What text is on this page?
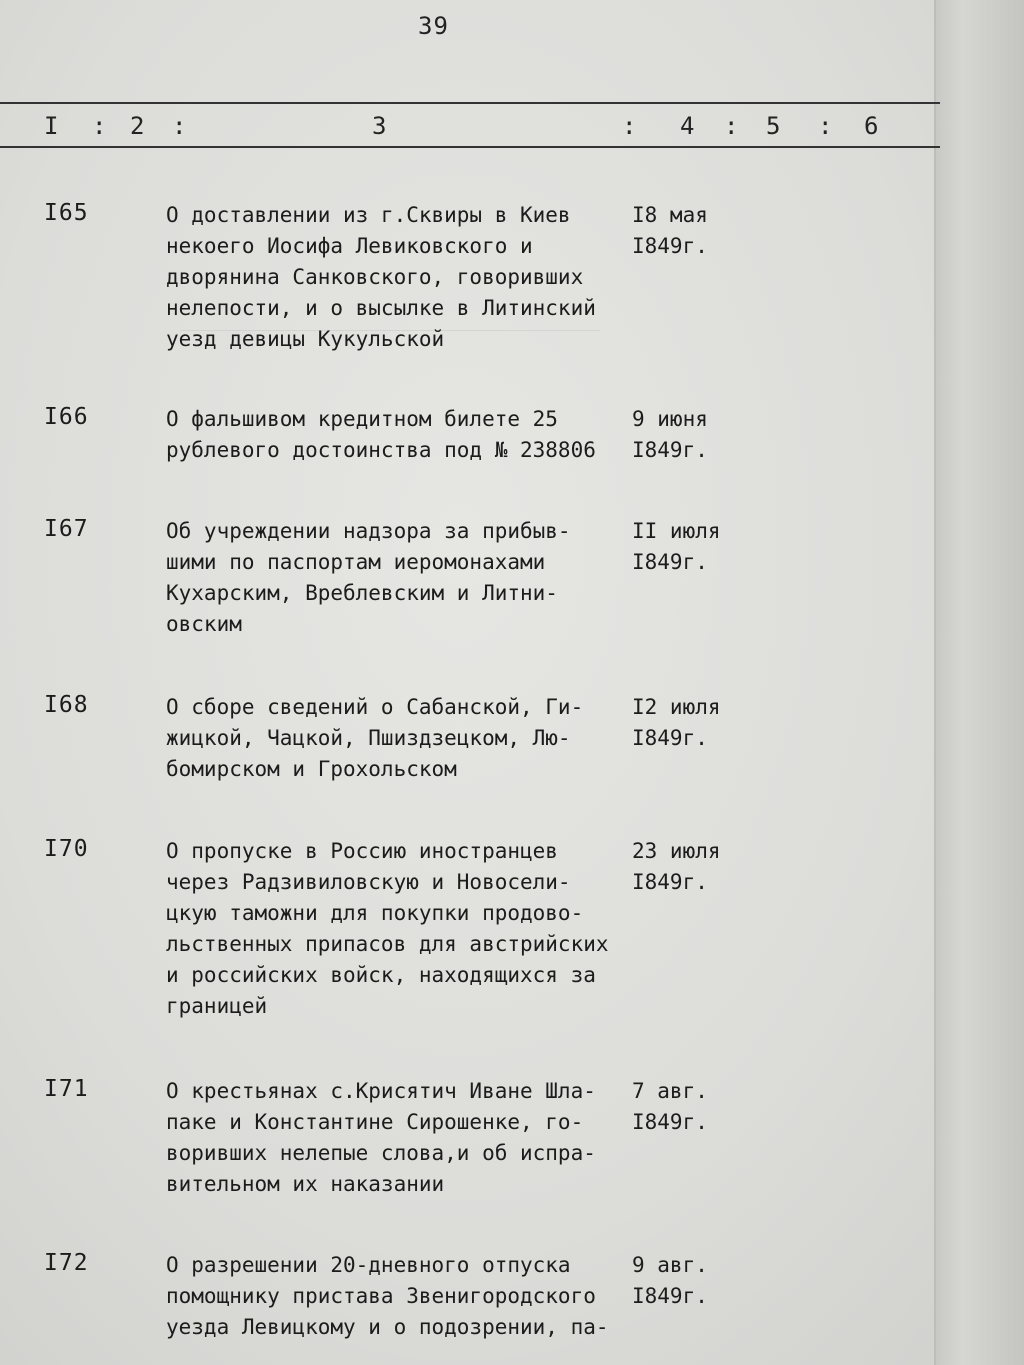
39
I : 2 :	3	: 4 : 5 : 6
I65	О доставлении из г.Сквиры в Киев
некоего Иосифа Левиковского и
дворянина Санковского, говоривших
нелепости, и о высылке в Литинский
уезд девицы Кукульской
I8 мая
I849г.
I66	О фальшивом кредитном билете 25
рублевого достоинства под № 238806
9 июня
I849г.
I67	Об учреждении надзора за прибыв-
шими по паспортам иеромонахами
Кухарским, Вреблевским и Литни-
овским
II июля
I849г.
I68	О сборе сведений о Сабанской, Ги-
жицкой, Чацкой, Пшиздзецком, Лю-
бомирском и Грохольском
I2 июля
I849г.
I70	О пропуске в Россию иностранцев
через Радзивиловскую и Новосели-
цкую таможни для покупки продово-
льственных припасов для австрийских
и российских войск, находящихся за
границей
23 июля
I849г.
I71	О крестьянах с.Крисятич Иване Шла-
паке и Константине Сирошенке, го-
воривших нелепые слова,и об испра-
вительном их наказании
7 авг.
I849г.
I72	О разрешении 20-дневного отпуска
помощнику пристава Звенигородского
уезда Левицкому и о подозрении, па-
9 авг.
I849г.
